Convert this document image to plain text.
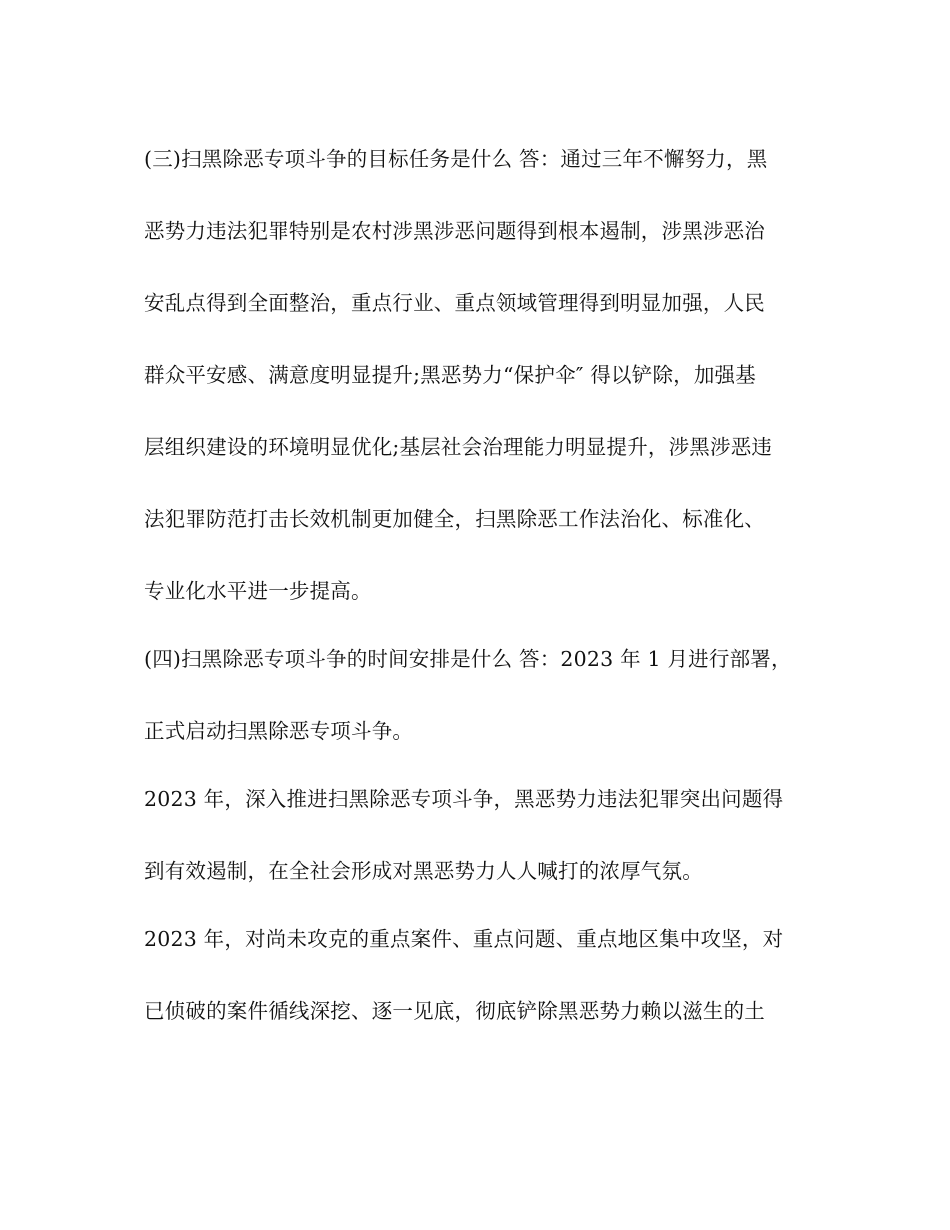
(三)扫黑除恶专项斗争的目标任务是什么 答：通过三年不懈努力，黑
恶势力违法犯罪特别是农村涉黑涉恶问题得到根本遏制，涉黑涉恶治
安乱点得到全面整治，重点行业、重点领域管理得到明显加强，人民
群众平安感、满意度明显提升;黑恶势力“保护伞″ 得以铲除，加强基
层组织建设的环境明显优化;基层社会治理能力明显提升，涉黑涉恶违
法犯罪防范打击长效机制更加健全，扫黑除恶工作法治化、标准化、
专业化水平进一步提高。
(四)扫黑除恶专项斗争的时间安排是什么 答：2023 年 1 月进行部署，
正式启动扫黑除恶专项斗争。
2023 年，深入推进扫黑除恶专项斗争，黑恶势力违法犯罪突出问题得
到有效遏制，在全社会形成对黑恶势力人人喊打的浓厚气氛。
2023 年，对尚未攻克的重点案件、重点问题、重点地区集中攻坚，对
已侦破的案件循线深挖、逐一见底，彻底铲除黑恶势力赖以滋生的土
